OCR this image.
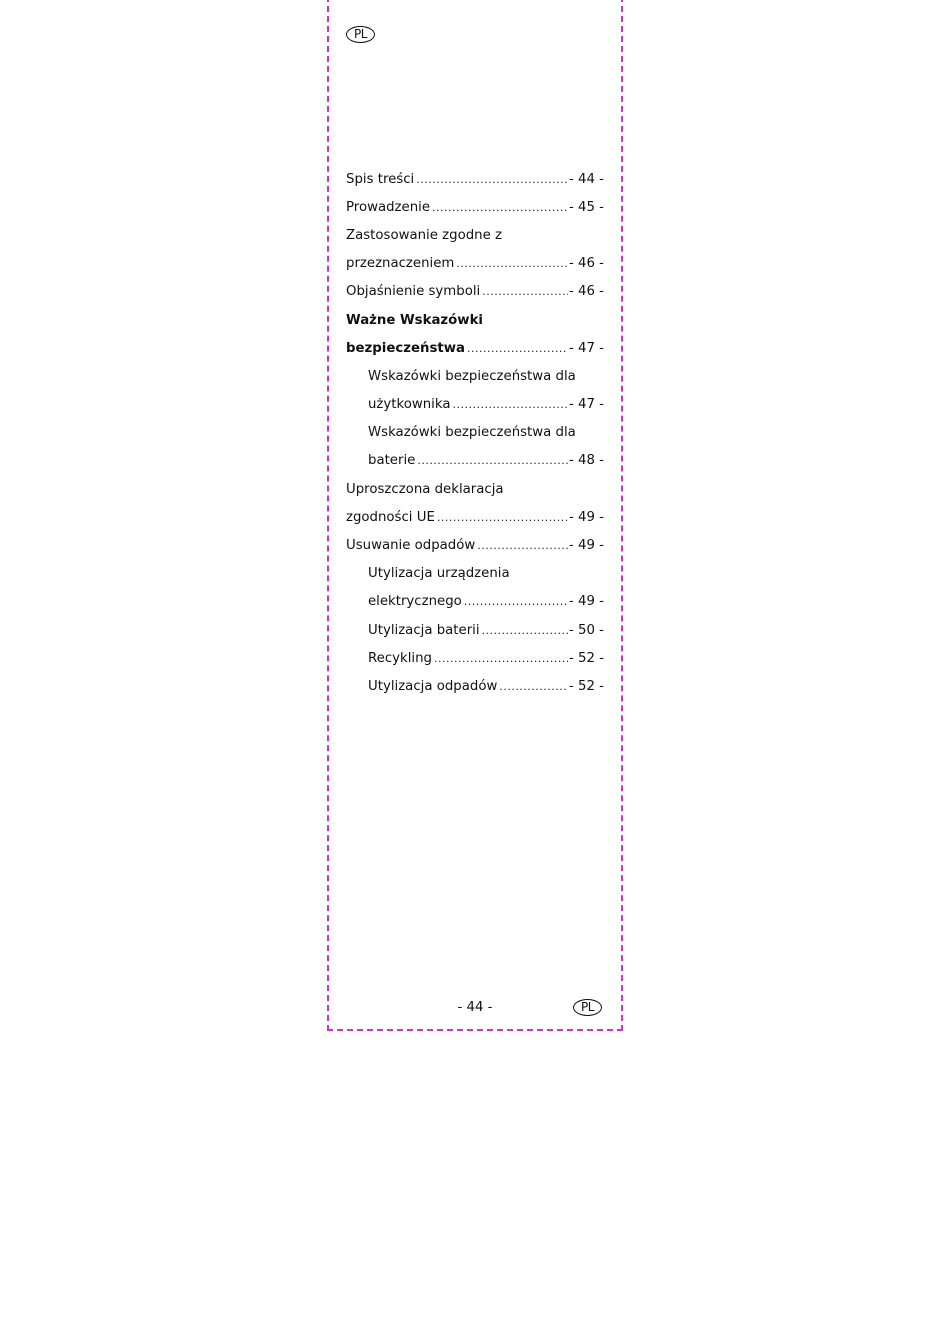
PL
Spis treści .....	- 44 -
Prowadzenie .....	- 45 -
Zastosowanie zgodne z
przeznaczeniem .....	- 46 -
Objaśnienie symboli .....	- 46 -
Ważne Wskazówki
bezpieczeństwa .....	- 47 -
Wskazówki bezpieczeństwa dla
użytkownika .....	- 47 -
Wskazówki bezpieczeństwa dla
baterie .....	- 48 -
Uproszczona deklaracja
zgodności UE .....	- 49 -
Usuwanie odpadów .....	- 49 -
Utylizacja urządzenia
elektrycznego .....	- 49 -
Utylizacja baterii .....	- 50 -
Recykling .....	- 52 -
Utylizacja odpadów .....	- 52 -
- 44 -	PL
